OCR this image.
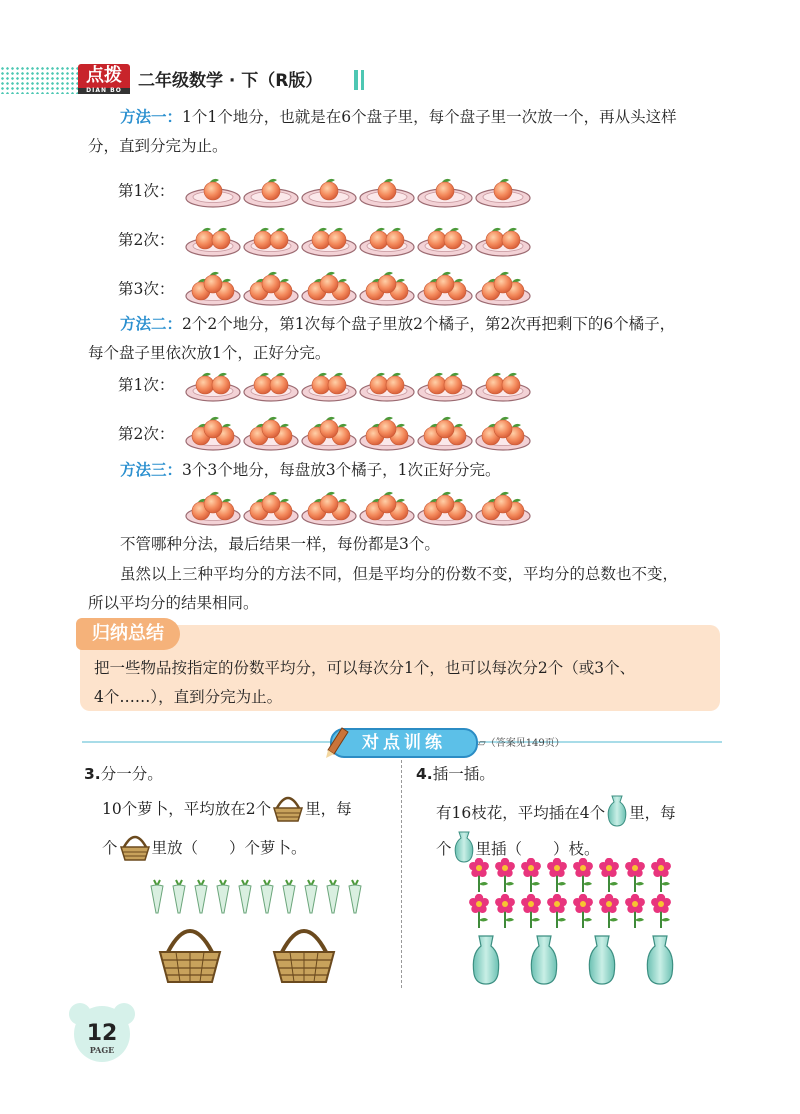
点拨
DIAN BO 二年级数学 · 下（R版）
方法一：1个1个地分，也就是在6个盘子里，每个盘子里一次放一个，再从头这样
分，直到分完为止。
第1次：
第2次：
第3次：
方法二：2个2个地分，第1次每个盘子里放2个橘子，第2次再把剩下的6个橘子，
每个盘子里依次放1个，正好分完。
第1次：
第2次：
方法三：3个3个地分，每盘放3个橘子，1次正好分完。
不管哪种分法，最后结果一样，每份都是3个。
虽然以上三种平均分的方法不同，但是平均分的份数不变，平均分的总数也不变，
所以平均分的结果相同。
归纳总结
把一些物品按指定的份数平均分，可以每次分1个，也可以每次分2个（或3个、
4个……），直到分完为止。
对点训练	▱（答案见149页）
3.分一分。
10个萝卜，平均放在2个 里，每
个 里放（　　）个萝卜。
4.插一插。
有16枝花，平均插在4个 里，每
个 里插（　　）枝。
12
PAGE
